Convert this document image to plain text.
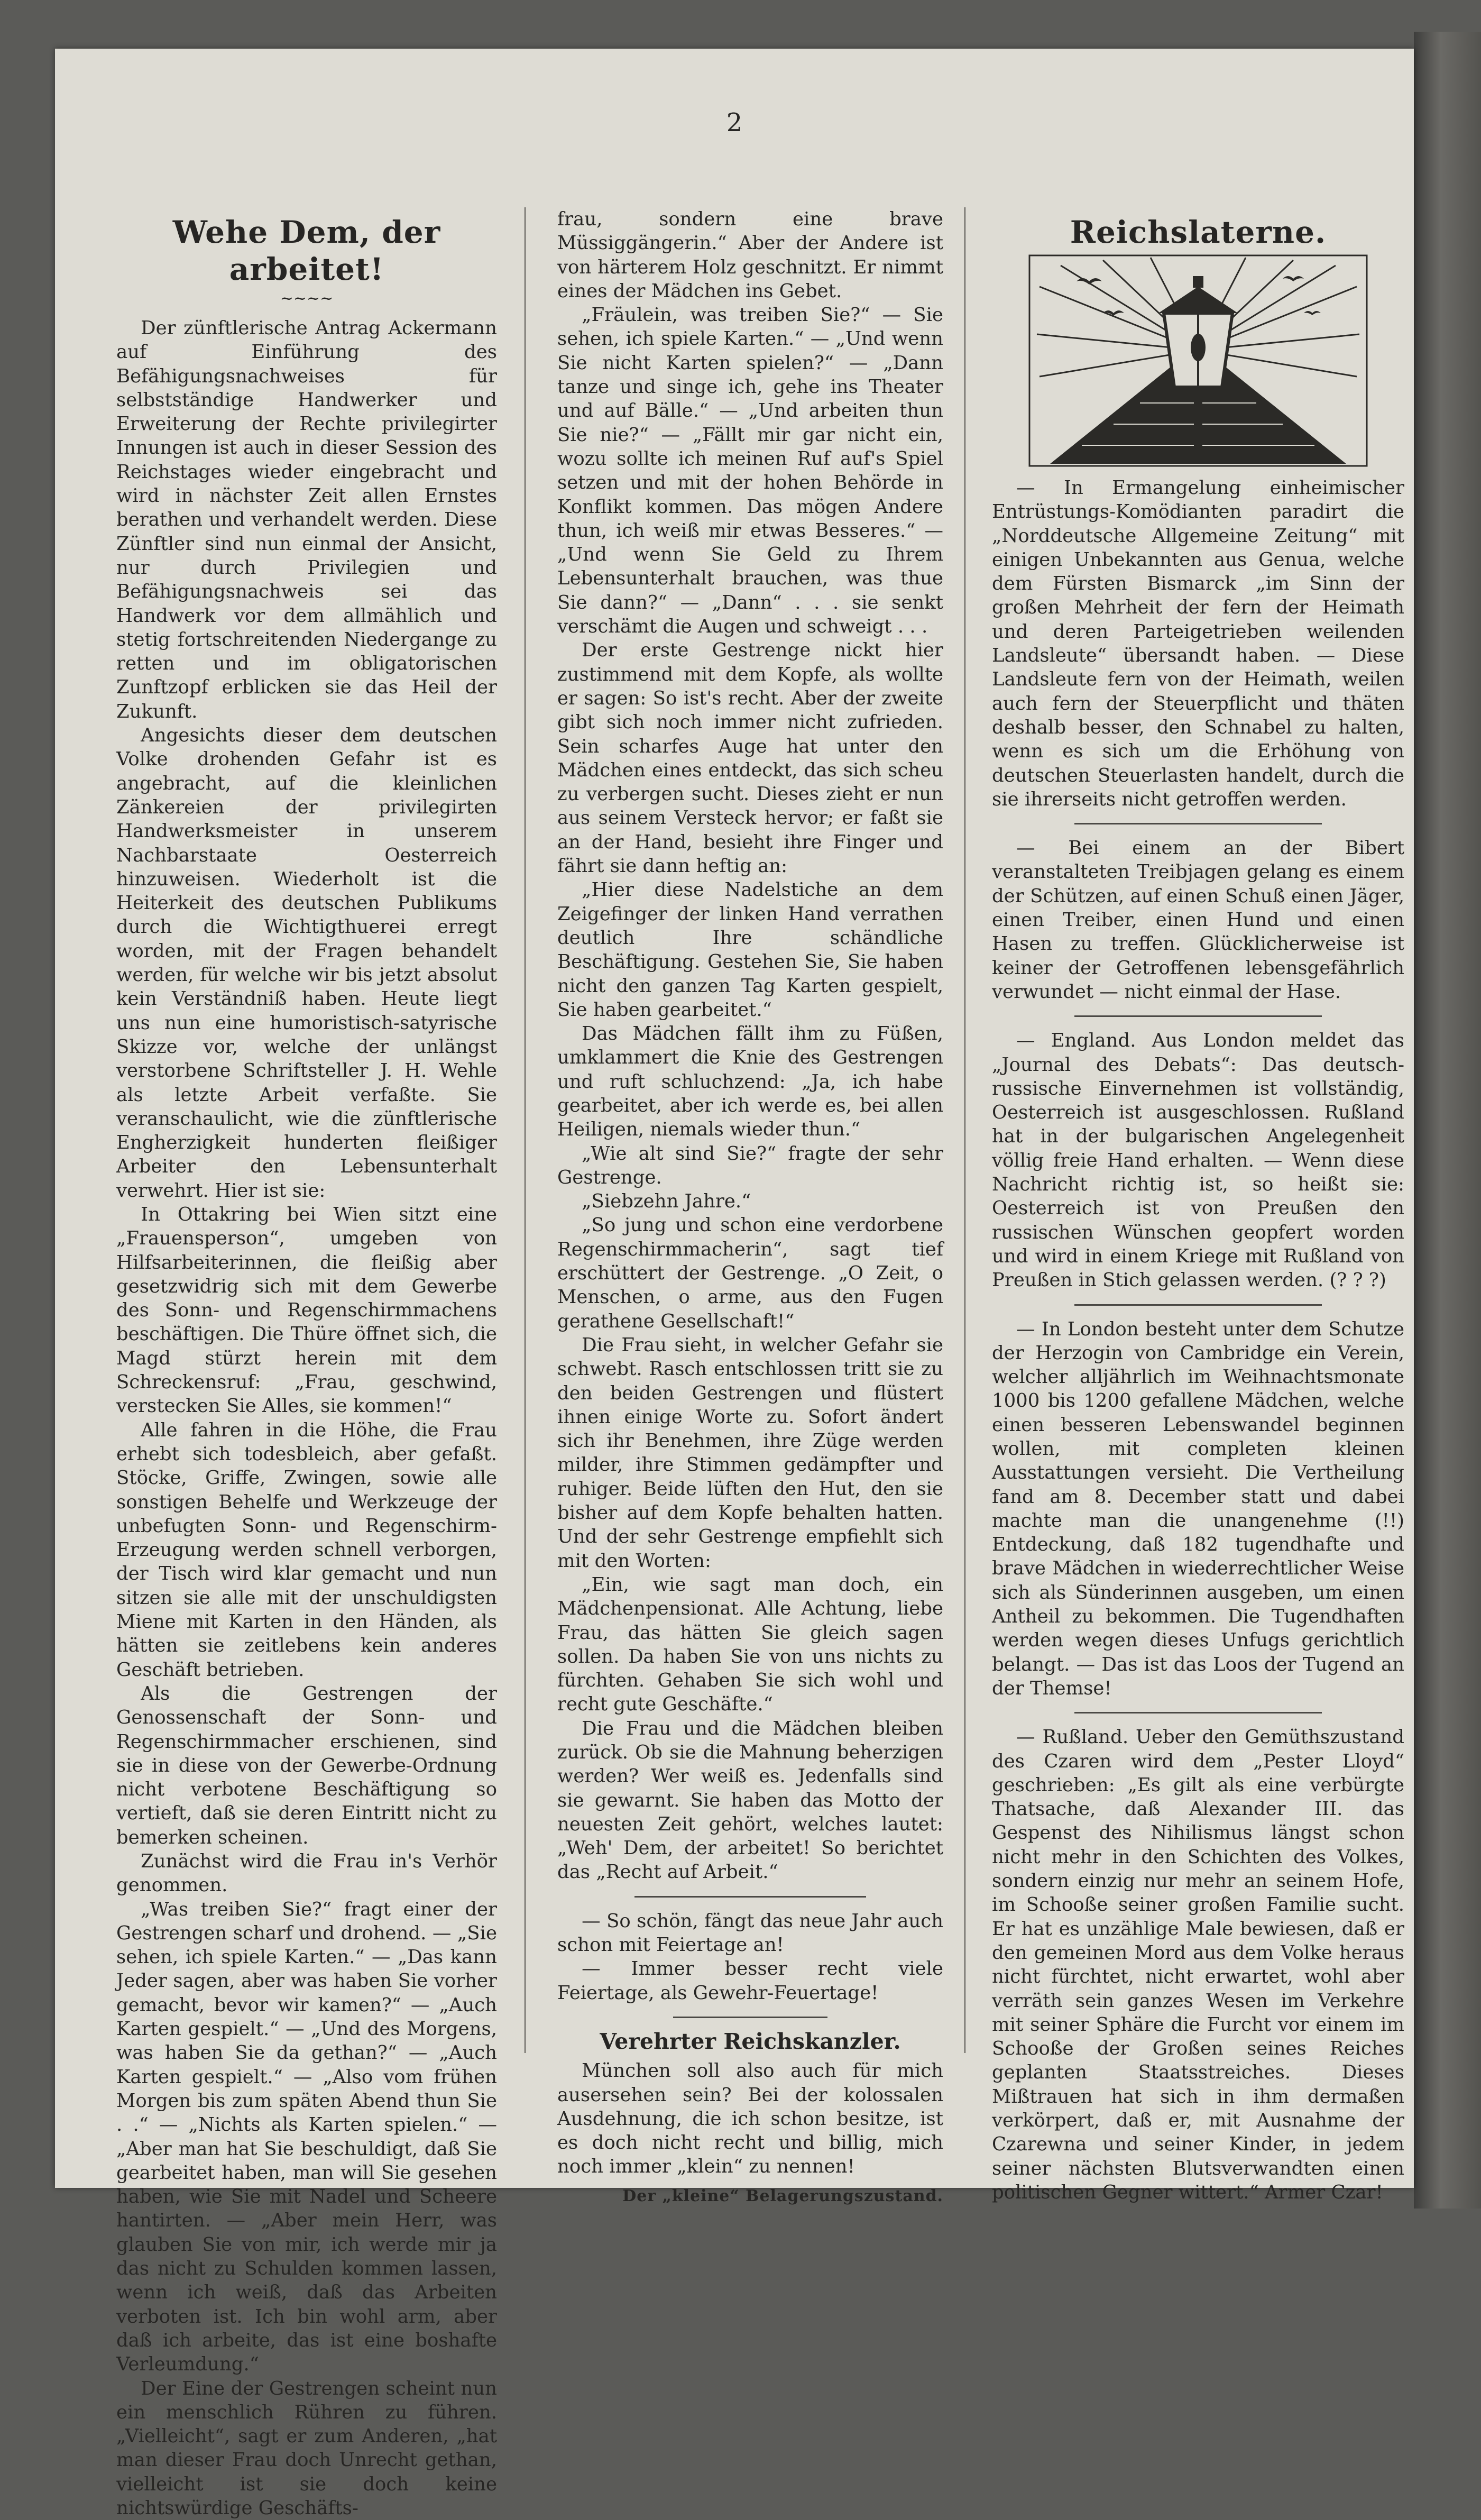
2
Wehe Dem, der arbeitet!
~~~~

Der zünftlerische Antrag Ackermann auf Einführung des Befähigungsnachweises für selbstständige Handwerker und Erweiterung der Rechte privilegirter Innungen ist auch in dieser Session des Reichstages wieder eingebracht und wird in nächster Zeit allen Ernstes berathen und verhandelt werden. Diese Zünftler sind nun einmal der Ansicht, nur durch Privilegien und Befähigungsnachweis sei das Handwerk vor dem allmählich und stetig fortschreitenden Niedergange zu retten und im obligatorischen Zunftzopf erblicken sie das Heil der Zukunft.

Angesichts dieser dem deutschen Volke drohenden Gefahr ist es angebracht, auf die kleinlichen Zänkereien der privilegirten Handwerksmeister in unserem Nachbarstaate Oesterreich hinzuweisen. Wiederholt ist die Heiterkeit des deutschen Publikums durch die Wichtigthuerei erregt worden, mit der Fragen behandelt werden, für welche wir bis jetzt absolut kein Verständniß haben. Heute liegt uns nun eine humoristisch-satyrische Skizze vor, welche der unlängst verstorbene Schriftsteller J. H. Wehle als letzte Arbeit verfaßte. Sie veranschaulicht, wie die zünftlerische Engherzigkeit hunderten fleißiger Arbeiter den Lebensunterhalt verwehrt. Hier ist sie:

In Ottakring bei Wien sitzt eine „Frauensperson“, umgeben von Hilfsarbeiterinnen, die fleißig aber gesetzwidrig sich mit dem Gewerbe des Sonn- und Regenschirmmachens beschäftigen. Die Thüre öffnet sich, die Magd stürzt herein mit dem Schreckensruf: „Frau, geschwind, verstecken Sie Alles, sie kommen!“

Alle fahren in die Höhe, die Frau erhebt sich todesbleich, aber gefaßt. Stöcke, Griffe, Zwingen, sowie alle sonstigen Behelfe und Werkzeuge der unbefugten Sonn- und Regenschirm-Erzeugung werden schnell verborgen, der Tisch wird klar gemacht und nun sitzen sie alle mit der unschuldigsten Miene mit Karten in den Händen, als hätten sie zeitlebens kein anderes Geschäft betrieben.

Als die Gestrengen der Genossenschaft der Sonn- und Regenschirmmacher erschienen, sind sie in diese von der Gewerbe-Ordnung nicht verbotene Beschäftigung so vertieft, daß sie deren Eintritt nicht zu bemerken scheinen.

Zunächst wird die Frau in's Verhör genommen.

„Was treiben Sie?“ fragt einer der Gestrengen scharf und drohend. — „Sie sehen, ich spiele Karten.“ — „Das kann Jeder sagen, aber was haben Sie vorher gemacht, bevor wir kamen?“ — „Auch Karten gespielt.“ — „Und des Morgens, was haben Sie da gethan?“ — „Auch Karten gespielt.“ — „Also vom frühen Morgen bis zum späten Abend thun Sie . .“ — „Nichts als Karten spielen.“ — „Aber man hat Sie beschuldigt, daß Sie gearbeitet haben, man will Sie gesehen haben, wie Sie mit Nadel und Scheere hantirten. — „Aber mein Herr, was glauben Sie von mir, ich werde mir ja das nicht zu Schulden kommen lassen, wenn ich weiß, daß das Arbeiten verboten ist. Ich bin wohl arm, aber daß ich arbeite, das ist eine boshafte Verleumdung.“

Der Eine der Gestrengen scheint nun ein menschlich Rühren zu führen. „Vielleicht“, sagt er zum Anderen, „hat man dieser Frau doch Unrecht gethan, vielleicht ist sie doch keine nichtswürdige Geschäfts-

frau, sondern eine brave Müssiggängerin.“ Aber der Andere ist von härterem Holz geschnitzt. Er nimmt eines der Mädchen ins Gebet.

„Fräulein, was treiben Sie?“ — Sie sehen, ich spiele Karten.“ — „Und wenn Sie nicht Karten spielen?“ — „Dann tanze und singe ich, gehe ins Theater und auf Bälle.“ — „Und arbeiten thun Sie nie?“ — „Fällt mir gar nicht ein, wozu sollte ich meinen Ruf auf's Spiel setzen und mit der hohen Behörde in Konflikt kommen. Das mögen Andere thun, ich weiß mir etwas Besseres.“ — „Und wenn Sie Geld zu Ihrem Lebensunterhalt brauchen, was thue Sie dann?“ — „Dann“ . . . sie senkt verschämt die Augen und schweigt . . .

Der erste Gestrenge nickt hier zustimmend mit dem Kopfe, als wollte er sagen: So ist's recht. Aber der zweite gibt sich noch immer nicht zufrieden. Sein scharfes Auge hat unter den Mädchen eines entdeckt, das sich scheu zu verbergen sucht. Dieses zieht er nun aus seinem Versteck hervor; er faßt sie an der Hand, besieht ihre Finger und fährt sie dann heftig an:

„Hier diese Nadelstiche an dem Zeigefinger der linken Hand verrathen deutlich Ihre schändliche Beschäftigung. Gestehen Sie, Sie haben nicht den ganzen Tag Karten gespielt, Sie haben gearbeitet.“

Das Mädchen fällt ihm zu Füßen, umklammert die Knie des Gestrengen und ruft schluchzend: „Ja, ich habe gearbeitet, aber ich werde es, bei allen Heiligen, niemals wieder thun.“

„Wie alt sind Sie?“ fragte der sehr Gestrenge.

„Siebzehn Jahre.“

„So jung und schon eine verdorbene Regenschirmmacherin“, sagt tief erschüttert der Gestrenge. „O Zeit, o Menschen, o arme, aus den Fugen gerathene Gesellschaft!“

Die Frau sieht, in welcher Gefahr sie schwebt. Rasch entschlossen tritt sie zu den beiden Gestrengen und flüstert ihnen einige Worte zu. Sofort ändert sich ihr Benehmen, ihre Züge werden milder, ihre Stimmen gedämpfter und ruhiger. Beide lüften den Hut, den sie bisher auf dem Kopfe behalten hatten. Und der sehr Gestrenge empfiehlt sich mit den Worten:

„Ein, wie sagt man doch, ein Mädchenpensionat. Alle Achtung, liebe Frau, das hätten Sie gleich sagen sollen. Da haben Sie von uns nichts zu fürchten. Gehaben Sie sich wohl und recht gute Geschäfte.“

Die Frau und die Mädchen bleiben zurück. Ob sie die Mahnung beherzigen werden? Wer weiß es. Jedenfalls sind sie gewarnt. Sie haben das Motto der neuesten Zeit gehört, welches lautet: „Weh' Dem, der arbeitet! So berichtet das „Recht auf Arbeit.“

— So schön, fängt das neue Jahr auch schon mit Feiertage an!

— Immer besser recht viele Feiertage, als Gewehr-Feuertage!

Verehrter Reichskanzler.

München soll also auch für mich ausersehen sein? Bei der kolossalen Ausdehnung, die ich schon besitze, ist es doch nicht recht und billig, mich noch immer „klein“ zu nennen!

Der „kleine“ Belagerungszustand.
Reichslaterne.

— In Ermangelung einheimischer Entrüstungs-Komödianten paradirt die „Norddeutsche Allgemeine Zeitung“ mit einigen Unbekannten aus Genua, welche dem Fürsten Bismarck „im Sinn der großen Mehrheit der fern der Heimath und deren Parteigetrieben weilenden Landsleute“ übersandt haben. — Diese Landsleute fern von der Heimath, weilen auch fern der Steuerpflicht und thäten deshalb besser, den Schnabel zu halten, wenn es sich um die Erhöhung von deutschen Steuerlasten handelt, durch die sie ihrerseits nicht getroffen werden.

— Bei einem an der Bibert veranstalteten Treibjagen gelang es einem der Schützen, auf einen Schuß einen Jäger, einen Treiber, einen Hund und einen Hasen zu treffen. Glücklicherweise ist keiner der Getroffenen lebensgefährlich verwundet — nicht einmal der Hase.

— England. Aus London meldet das „Journal des Debats“: Das deutsch-russische Einvernehmen ist vollständig, Oesterreich ist ausgeschlossen. Rußland hat in der bulgarischen Angelegenheit völlig freie Hand erhalten. — Wenn diese Nachricht richtig ist, so heißt sie: Oesterreich ist von Preußen den russischen Wünschen geopfert worden und wird in einem Kriege mit Rußland von Preußen in Stich gelassen werden. (? ? ?)

— In London besteht unter dem Schutze der Herzogin von Cambridge ein Verein, welcher alljährlich im Weihnachtsmonate 1000 bis 1200 gefallene Mädchen, welche einen besseren Lebenswandel beginnen wollen, mit completen kleinen Ausstattungen versieht. Die Vertheilung fand am 8. December statt und dabei machte man die unangenehme (!!) Entdeckung, daß 182 tugendhafte und brave Mädchen in wiederrechtlicher Weise sich als Sünderinnen ausgeben, um einen Antheil zu bekommen. Die Tugendhaften werden wegen dieses Unfugs gerichtlich belangt. — Das ist das Loos der Tugend an der Themse!

— Rußland. Ueber den Gemüthszustand des Czaren wird dem „Pester Lloyd“ geschrieben: „Es gilt als eine verbürgte Thatsache, daß Alexander III. das Gespenst des Nihilismus längst schon nicht mehr in den Schichten des Volkes, sondern einzig nur mehr an seinem Hofe, im Schooße seiner großen Familie sucht. Er hat es unzählige Male bewiesen, daß er den gemeinen Mord aus dem Volke heraus nicht fürchtet, nicht erwartet, wohl aber verräth sein ganzes Wesen im Verkehre mit seiner Sphäre die Furcht vor einem im Schooße der Großen seines Reiches geplanten Staatsstreiches. Dieses Mißtrauen hat sich in ihm dermaßen verkörpert, daß er, mit Ausnahme der Czarewna und seiner Kinder, in jedem seiner nächsten Blutsverwandten einen politischen Gegner wittert.“ Armer Czar!
